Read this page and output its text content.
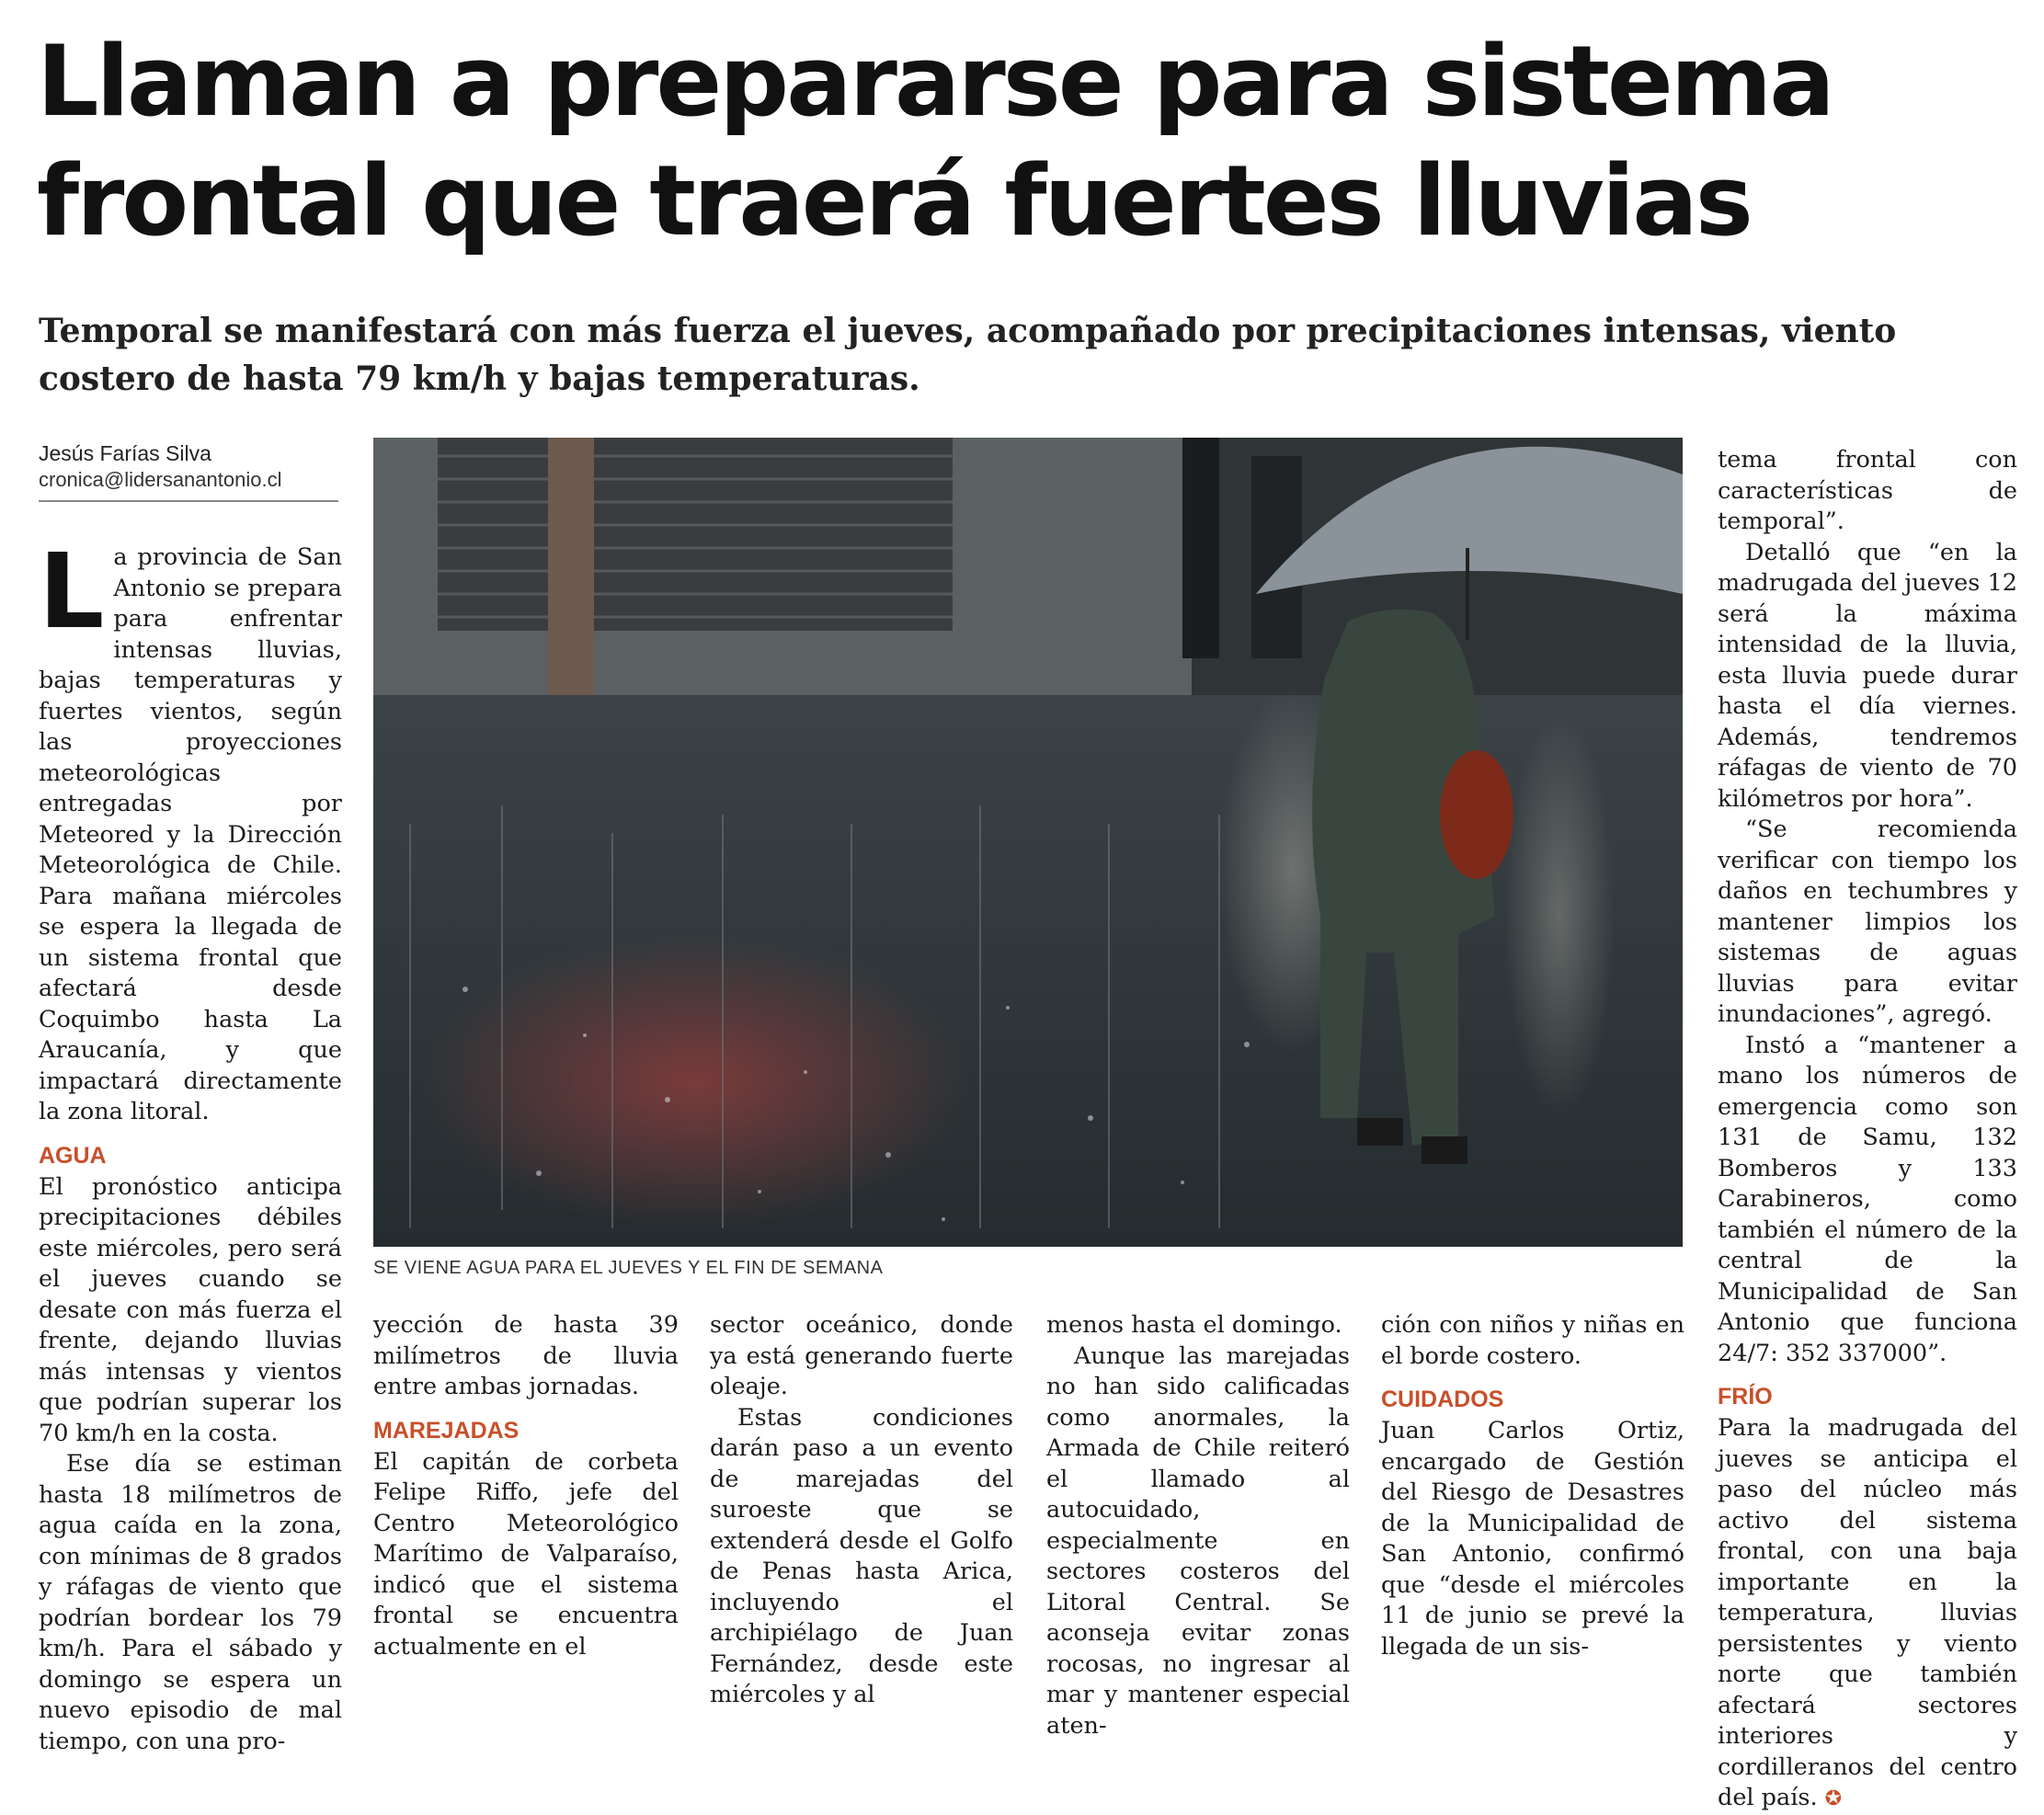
Llaman a prepararse para sistema
frontal que traerá fuertes lluvias
Temporal se manifestará con más fuerza el jueves, acompañado por precipitaciones intensas, viento costero de hasta 79 km/h y bajas temperaturas.
Jesús Farías Silva
cronica@lidersanantonio.cl

La provincia de San Antonio se prepara para enfrentar intensas lluvias, bajas temperaturas y fuertes vientos, según las proyecciones meteorológicas entregadas por Meteored y la Dirección Meteorológica de Chile. Para mañana miércoles se espera la llegada de un sistema frontal que afectará desde Coquimbo hasta La Araucanía, y que impactará directamente la zona litoral.

AGUA

El pronóstico anticipa precipitaciones débiles este miércoles, pero será el jueves cuando se desate con más fuerza el frente, dejando lluvias más intensas y vientos que podrían superar los 70 km/h en la costa.

Ese día se estiman hasta 18 milímetros de agua caída en la zona, con mínimas de 8 grados y ráfagas de viento que podrían bordear los 79 km/h. Para el sábado y domingo se espera un nuevo episodio de mal tiempo, con una pro-

SE VIENE AGUA PARA EL JUEVES Y EL FIN DE SEMANA

yección de hasta 39 milímetros de lluvia entre ambas jornadas.

MAREJADAS

El capitán de corbeta Felipe Riffo, jefe del Centro Meteorológico Marítimo de Valparaíso, indicó que el sistema frontal se encuentra actualmente en el

sector oceánico, donde ya está generando fuerte oleaje.

Estas condiciones darán paso a un evento de marejadas del suroeste que se extenderá desde el Golfo de Penas hasta Arica, incluyendo el archipiélago de Juan Fernández, desde este miércoles y al

menos hasta el domingo.

Aunque las marejadas no han sido calificadas como anormales, la Armada de Chile reiteró el llamado al autocuidado, especialmente en sectores costeros del Litoral Central. Se aconseja evitar zonas rocosas, no ingresar al mar y mantener especial aten-

ción con niños y niñas en el borde costero.

CUIDADOS

Juan Carlos Ortiz, encargado de Gestión del Riesgo de Desastres de la Municipalidad de San Antonio, confirmó que “desde el miércoles 11 de junio se prevé la llegada de un sis-

tema frontal con características de temporal”.

Detalló que “en la madrugada del jueves 12 será la máxima intensidad de la lluvia, esta lluvia puede durar hasta el día viernes. Además, tendremos ráfagas de viento de 70 kilómetros por hora”.

“Se recomienda verificar con tiempo los daños en techumbres y mantener limpios los sistemas de aguas lluvias para evitar inundaciones”, agregó.

Instó a “mantener a mano los números de emergencia como son 131 de Samu, 132 Bomberos y 133 Carabineros, como también el número de la central de la Municipalidad de San Antonio que funciona 24/7: 352 337000”.

FRÍO

Para la madrugada del jueves se anticipa el paso del núcleo más activo del sistema frontal, con una baja importante en la temperatura, lluvias persistentes y viento norte que también afectará sectores interiores y cordilleranos del centro del país. ✪
